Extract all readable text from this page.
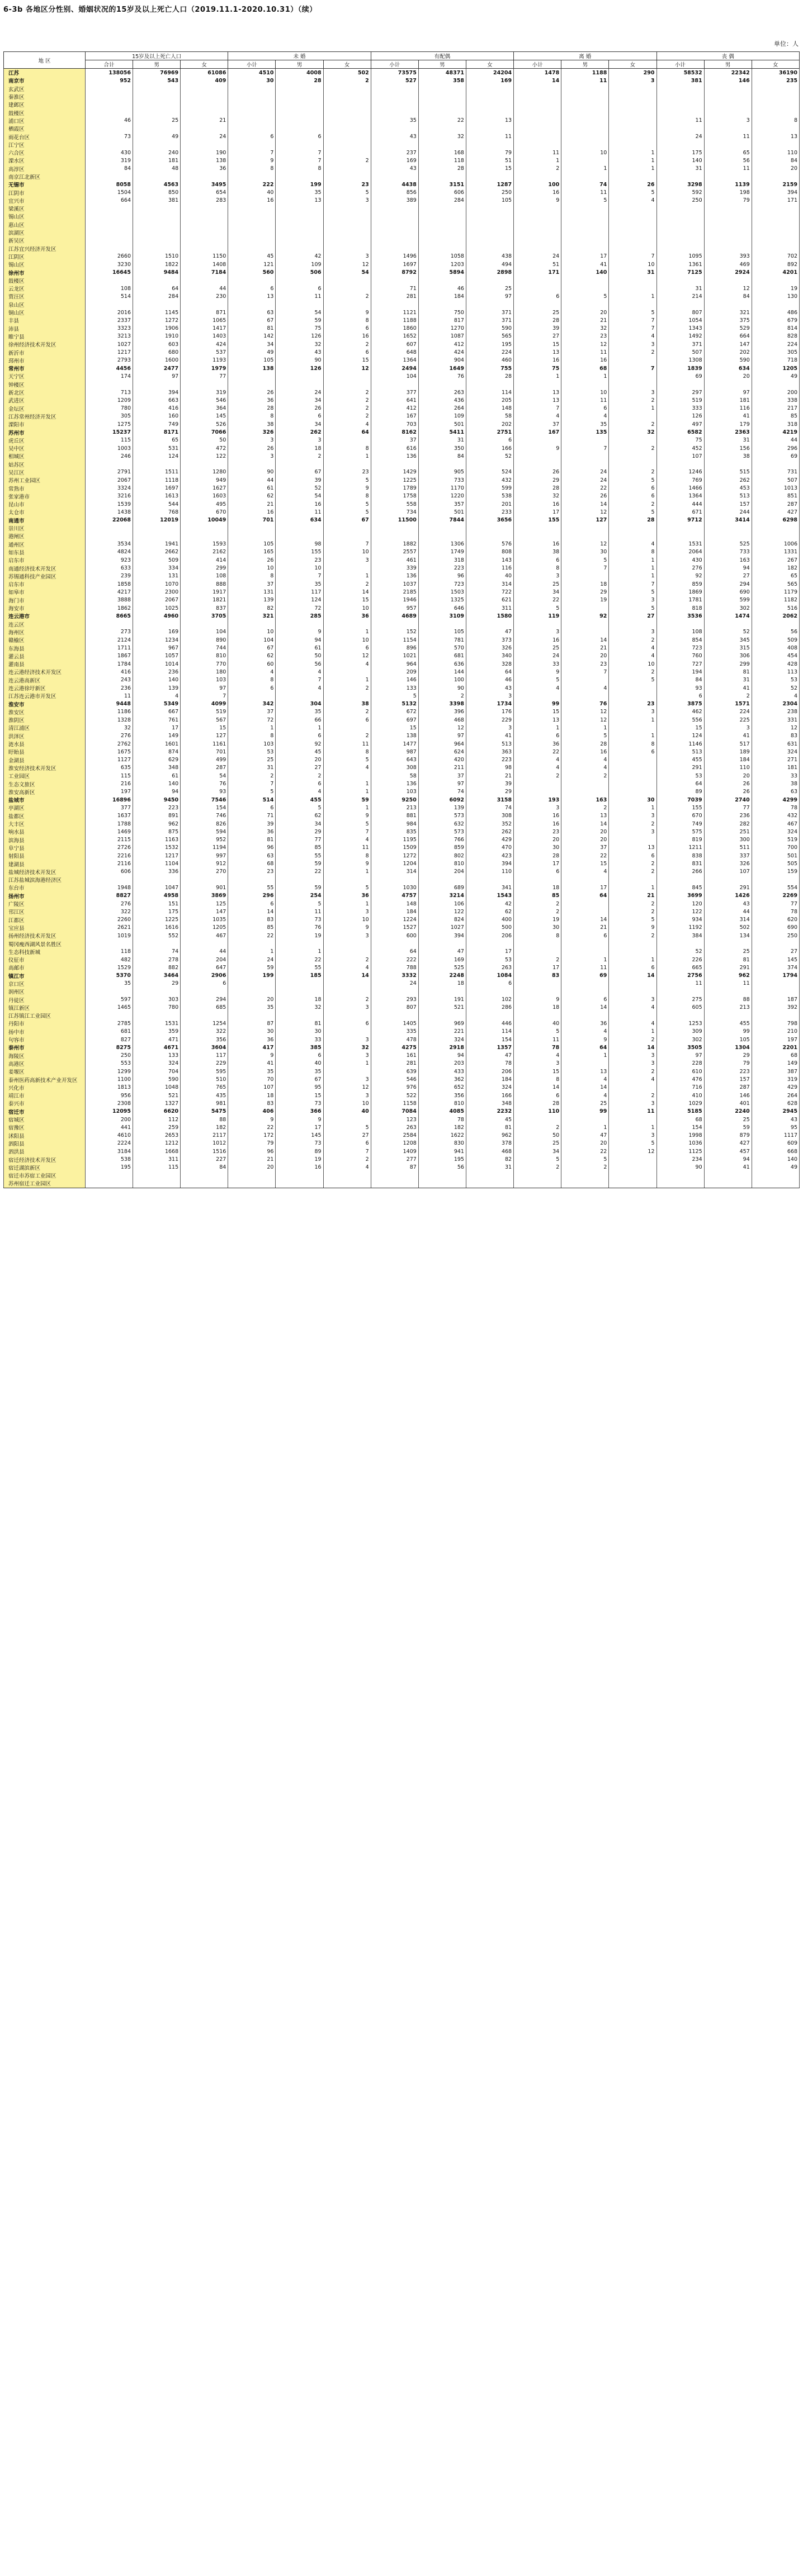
6-3b 各地区分性别、婚姻状况的15岁及以上死亡人口（2019.11.1-2020.10.31）（续）
单位：人
地 区	15岁及以上死亡人口			未 婚			有配偶			离 婚			丧 偶		
	合计	男	女	小计	男	女	小计	男	女	小计	男	女	小计	男	女
江苏	138056	76969	61086	4510	4008	502	73575	48371	24204	1478	1188	290	58532	22342	36190
南京市	952	543	409	30	28	2	527	358	169	14	11	3	381	146	235
玄武区															
秦淮区															
建邺区															
鼓楼区															
浦口区	46	25	21				35	22	13				11	3	8
栖霞区															
雨花台区	73	49	24	6	6		43	32	11				24	11	13
江宁区															
六合区	430	240	190	7	7		237	168	79	11	10	1	175	65	110
溧水区	319	181	138	9	7	2	169	118	51	1		1	140	56	84
高淳区	84	48	36	8	8		43	28	15	2	1	1	31	11	20
南京江北新区															
无锡市	8058	4563	3495	222	199	23	4438	3151	1287	100	74	26	3298	1139	2159
江阴市	1504	850	654	40	35	5	856	606	250	16	11	5	592	198	394
宜兴市	664	381	283	16	13	3	389	284	105	9	5	4	250	79	171
梁溪区															
锡山区															
惠山区															
滨湖区															
新吴区															
江苏宜兴经济开发区															
江阴区	2660	1510	1150	45	42	3	1496	1058	438	24	17	7	1095	393	702
锡山区	3230	1822	1408	121	109	12	1697	1203	494	51	41	10	1361	469	892
徐州市	16645	9484	7184	560	506	54	8792	5894	2898	171	140	31	7125	2924	4201
鼓楼区															
云龙区	108	64	44	6	6		71	46	25				31	12	19
贾汪区	514	284	230	13	11	2	281	184	97	6	5	1	214	84	130
泉山区															
铜山区	2016	1145	871	63	54	9	1121	750	371	25	20	5	807	321	486
丰县	2337	1272	1065	67	59	8	1188	817	371	28	21	7	1054	375	679
沛县	3323	1906	1417	81	75	6	1860	1270	590	39	32	7	1343	529	814
睢宁县	3213	1910	1403	142	126	16	1652	1087	565	27	23	4	1492	664	828
徐州经济技术开发区	1027	603	424	34	32	2	607	412	195	15	12	3	371	147	224
新沂市	1217	680	537	49	43	6	648	424	224	13	11	2	507	202	305
邳州市	2793	1600	1193	105	90	15	1364	904	460	16	16		1308	590	718
常州市	4456	2477	1979	138	126	12	2494	1649	755	75	68	7	1839	634	1205
天宁区	174	97	77				104	76	28	1	1		69	20	49
钟楼区															
新北区	713	394	319	26	24	2	377	263	114	13	10	3	297	97	200
武进区	1209	663	546	36	34	2	641	436	205	13	11	2	519	181	338
金坛区	780	416	364	28	26	2	412	264	148	7	6	1	333	116	217
江苏常州经济开发区	305	160	145	8	6	2	167	109	58	4	4		126	41	85
溧阳市	1275	749	526	38	34	4	703	501	202	37	35	2	497	179	318
苏州市	15237	8171	7066	326	262	64	8162	5411	2751	167	135	32	6582	2363	4219
虎丘区	115	65	50	3	3		37	31	6				75	31	44
吴中区	1003	531	472	26	18	8	616	350	166	9	7	2	452	156	296
相城区	246	124	122	3	2	1	136	84	52				107	38	69
姑苏区															
吴江区	2791	1511	1280	90	67	23	1429	905	524	26	24	2	1246	515	731
苏州工业园区	2067	1118	949	44	39	5	1225	733	432	29	24	5	769	262	507
常熟市	3324	1697	1627	61	52	9	1789	1170	599	28	22	6	1466	453	1013
张家港市	3216	1613	1603	62	54	8	1758	1220	538	32	26	6	1364	513	851
昆山市	1539	544	495	21	16	5	558	357	201	16	14	2	444	157	287
太仓市	1438	768	670	16	11	5	734	501	233	17	12	5	671	244	427
南通市	22068	12019	10049	701	634	67	11500	7844	3656	155	127	28	9712	3414	6298
崇川区															
港闸区															
通州区	3534	1941	1593	105	98	7	1882	1306	576	16	12	4	1531	525	1006
如东县	4824	2662	2162	165	155	10	2557	1749	808	38	30	8	2064	733	1331
启东市	923	509	414	26	23	3	461	318	143	6	5	1	430	163	267
南通经济技术开发区	633	334	299	10	10		339	223	116	8	7	1	276	94	182
苏锡通科技产业园区	239	131	108	8	7	1	136	96	40	3		1	92	27	65
启东市	1858	1070	888	37	35	2	1037	723	314	25	18	7	859	294	565
如皋市	4217	2300	1917	131	117	14	2185	1503	722	34	29	5	1869	690	1179
海门市	3888	2067	1821	139	124	15	1946	1325	621	22	19	3	1781	599	1182
海安市	1862	1025	837	82	72	10	957	646	311	5		5	818	302	516
连云港市	8665	4960	3705	321	285	36	4689	3109	1580	119	92	27	3536	1474	2062
连云区															
海州区	273	169	104	10	9	1	152	105	47	3		3	108	52	56
赣榆区	2124	1234	890	104	94	10	1154	781	373	16	14	2	854	345	509
东海县	1711	967	744	67	61	6	896	570	326	25	21	4	723	315	408
灌云县	1867	1057	810	62	50	12	1021	681	340	24	20	4	760	306	454
灌南县	1784	1014	770	60	56	4	964	636	328	33	23	10	727	299	428
连云港经济技术开发区	416	236	180	4	4		209	144	64	9	7	2	194	81	113
连云港高新区	243	140	103	8	7	1	146	100	46	5		5	84	31	53
连云港徐圩新区	236	139	97	6	4	2	133	90	43	4	4		93	41	52
江苏连云港市开发区	11	4	7				5	2	3				6	2	4
淮安市	9448	5349	4099	342	304	38	5132	3398	1734	99	76	23	3875	1571	2304
淮安区	1186	667	519	37	35	2	672	396	176	15	12	3	462	224	238
淮阴区	1328	761	567	72	66	6	697	468	229	13	12	1	556	225	331
清江浦区	32	17	15	1	1		15	12	3	1	1		15	3	12
洪泽区	276	149	127	8	6	2	138	97	41	6	5	1	124	41	83
涟水县	2762	1601	1161	103	92	11	1477	964	513	36	28	8	1146	517	631
盱眙县	1675	874	701	53	45	8	987	624	363	22	16	6	513	189	324
金湖县	1127	629	499	25	20	5	643	420	223	4	4		455	184	271
淮安经济技术开发区	635	348	287	31	27	4	308	211	98	4	4		291	110	181
工业园区	115	61	54	2	2		58	37	21	2	2		53	20	33
生态文旅区	216	140	76	7	6	1	136	97	39				64	26	38
淮安高新区	197	94	93	5	4	1	103	74	29				89	26	63
盐城市	16896	9450	7546	514	455	59	9250	6092	3158	193	163	30	7039	2740	4299
亭湖区	377	223	154	6	5	1	213	139	74	3	2	1	155	77	78
盐都区	1637	891	746	71	62	9	881	573	308	16	13	3	670	236	432
大丰区	1788	962	826	39	34	5	984	632	352	16	14	2	749	282	467
响水县	1469	875	594	36	29	7	835	573	262	23	20	3	575	251	324
滨海县	2115	1163	952	81	77	4	1195	766	429	20	20		819	300	519
阜宁县	2726	1532	1194	96	85	11	1509	859	470	30	37	13	1211	511	700
射阳县	2216	1217	997	63	55	8	1272	802	423	28	22	6	838	337	501
建湖县	2116	1104	912	68	59	9	1204	810	394	17	15	2	831	326	505
盐城经济技术开发区	606	336	270	23	22	1	314	204	110	6	4	2	266	107	159
江苏盐城滨海港经济区															
东台市	1948	1047	901	55	59	5	1030	689	341	18	17	1	845	291	554
扬州市	8827	4958	3869	296	254	36	4757	3214	1543	85	64	21	3699	1426	2269
广陵区	276	151	125	6	5	1	148	106	42	2		2	120	43	77
邗江区	322	175	147	14	11	3	184	122	62	2		2	122	44	78
江都区	2260	1225	1035	83	73	10	1224	824	400	19	14	5	934	314	620
宝应县	2621	1616	1205	85	76	9	1527	1027	500	30	21	9	1192	502	690
扬州经济技术开发区	1019	552	467	22	19	3	600	394	206	8	6	2	384	134	250
蜀冈瘦西湖风景名胜区															
生态科技新城	118	74	44	1	1		64	47	17				52	25	27
仪征市	482	278	204	24	22	2	222	169	53	2	1	1	226	81	145
高邮市	1529	882	647	59	55	4	788	525	263	17	11	6	665	291	374
镇江市	5370	3464	2906	199	185	14	3332	2248	1084	83	69	14	2756	962	1794
京口区	35	29	6				24	18	6				11	11	
润州区															
丹徒区	597	303	294	20	18	2	293	191	102	9	6	3	275	88	187
镇江新区	1465	780	685	35	32	3	807	521	286	18	14	4	605	213	392
江苏镇江工业园区															
丹阳市	2785	1531	1254	87	81	6	1405	969	446	40	36	4	1253	455	798
扬中市	681	359	322	30	30		335	221	114	5	4	1	309	99	210
句容市	827	471	356	36	33	3	478	324	154	11	9	2	302	105	197
泰州市	8275	4671	3604	417	385	32	4275	2918	1357	78	64	14	3505	1304	2201
海陵区	250	133	117	9	6	3	161	94	47	4	1	3	97	29	68
高港区	553	324	229	41	40	1	281	203	78	3		3	228	79	149
姜堰区	1299	704	595	35	35		639	433	206	15	13	2	610	223	387
泰州医药高新技术产业开发区	1100	590	510	70	67	3	546	362	184	8	4	4	476	157	319
兴化市	1813	1048	765	107	95	12	976	652	324	14	14		716	287	429
靖江市	956	521	435	18	15	3	522	356	166	6	4	2	410	146	264
泰兴市	2308	1327	981	83	73	10	1158	810	348	28	25	3	1029	401	628
宿迁市	12095	6620	5475	406	366	40	7084	4085	2232	110	99	11	5185	2240	2945
宿城区	200	112	88	9	9		123	78	45				68	25	43
宿豫区	441	259	182	22	17	5	263	182	81	2	1	1	154	59	95
沭阳县	4610	2653	2117	172	145	27	2584	1622	962	50	47	3	1998	879	1117
泗阳县	2224	1212	1012	79	73	6	1208	830	378	25	20	5	1036	427	609
泗洪县	3184	1668	1516	96	89	7	1409	941	468	34	22	12	1125	457	668
宿迁经济技术开发区	538	311	227	21	19	2	277	195	82	5	5		234	94	140
宿迁湖滨新区	195	115	84	20	16	4	87	56	31	2	2		90	41	49
宿迁市苏宿工业园区															
苏州宿迁工业园区															
